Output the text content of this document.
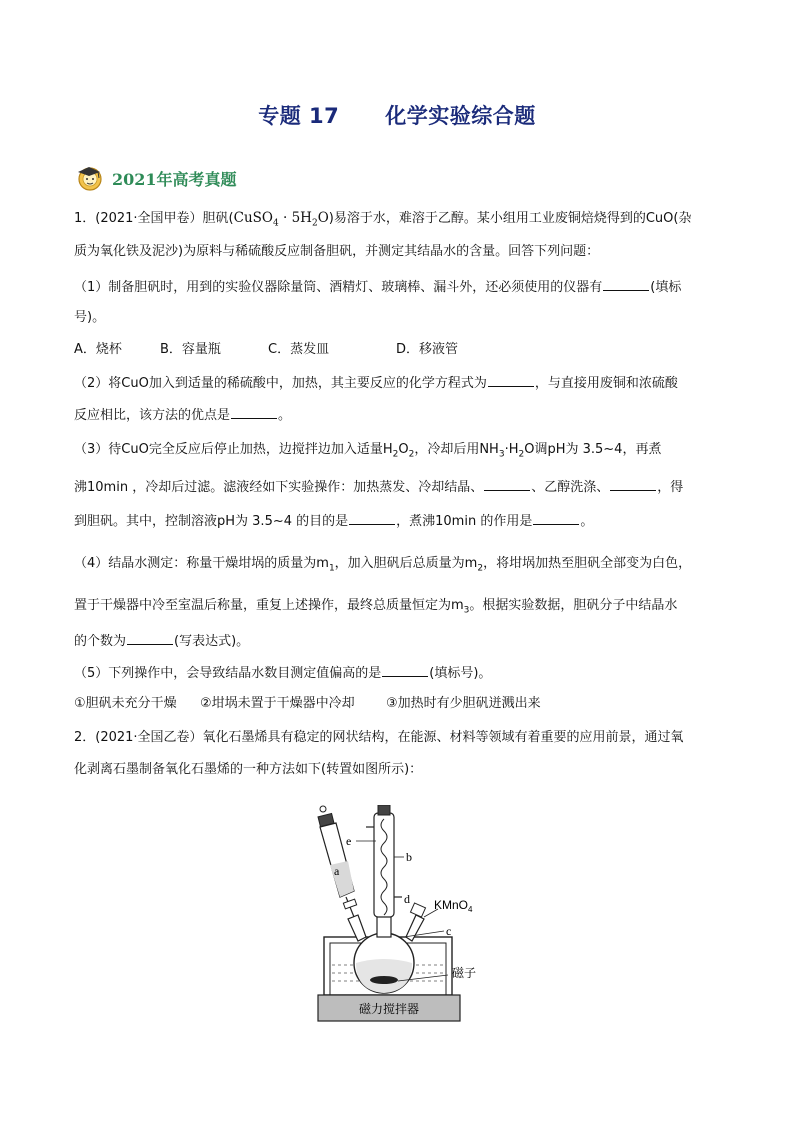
专题 17 化学实验综合题
2021年高考真题
1．(2021·全国甲卷）胆矾(CuSO$_4$ · $5H_2O$)易溶于水，难溶于乙醇。某小组用工业废铜焙烧得到的CuO(杂
质为氧化铁及泥沙)为原料与稀硫酸反应制备胆矾，并测定其结晶水的含量。回答下列问题：
（1）制备胆矾时，用到的实验仪器除量筒、酒精灯、玻璃棒、漏斗外，还必须使用的仪器有	(填标
号)。
A．烧杯	B．容量瓶	C．蒸发皿	D．移液管
（2）将CuO加入到适量的稀硫酸中，加热，其主要反应的化学方程式为	，与直接用废铜和浓硫酸
反应相比，该方法的优点是	。
（3）待CuO完全反应后停止加热，边搅拌边加入适量$H_2O_2$，冷却后用$NH_3\cdot H_2O$调pH为 3.5~4，再煮
沸10min ，冷却后过滤。滤液经如下实验操作：加热蒸发、冷却结晶、	、乙醇洗涤、	，得
到胆矾。其中，控制溶液pH为 3.5~4 的目的是	，煮沸10min 的作用是	。
（4）结晶水测定：称量干燥坩埚的质量为$m_1$，加入胆矾后总质量为$m_2$，将坩埚加热至胆矾全部变为白色，
置于干燥器中冷至室温后称量，重复上述操作，最终总质量恒定为$m_3$。根据实验数据，胆矾分子中结晶水
的个数为	(写表达式)。
（5）下列操作中，会导致结晶水数目测定值偏高的是	(填标号)。
①胆矾未充分干燥 ②坩埚未置于干燥器中冷却 ③加热时有少胆矾迸溅出来
2．(2021·全国乙卷）氧化石墨烯具有稳定的网状结构，在能源、材料等领域有着重要的应用前景，通过氧
化剥离石墨制备氧化石墨烯的一种方法如下(转置如图所示)：
磁力搅拌器
e
b
d
a
c
KMnO$_4$
磁子
